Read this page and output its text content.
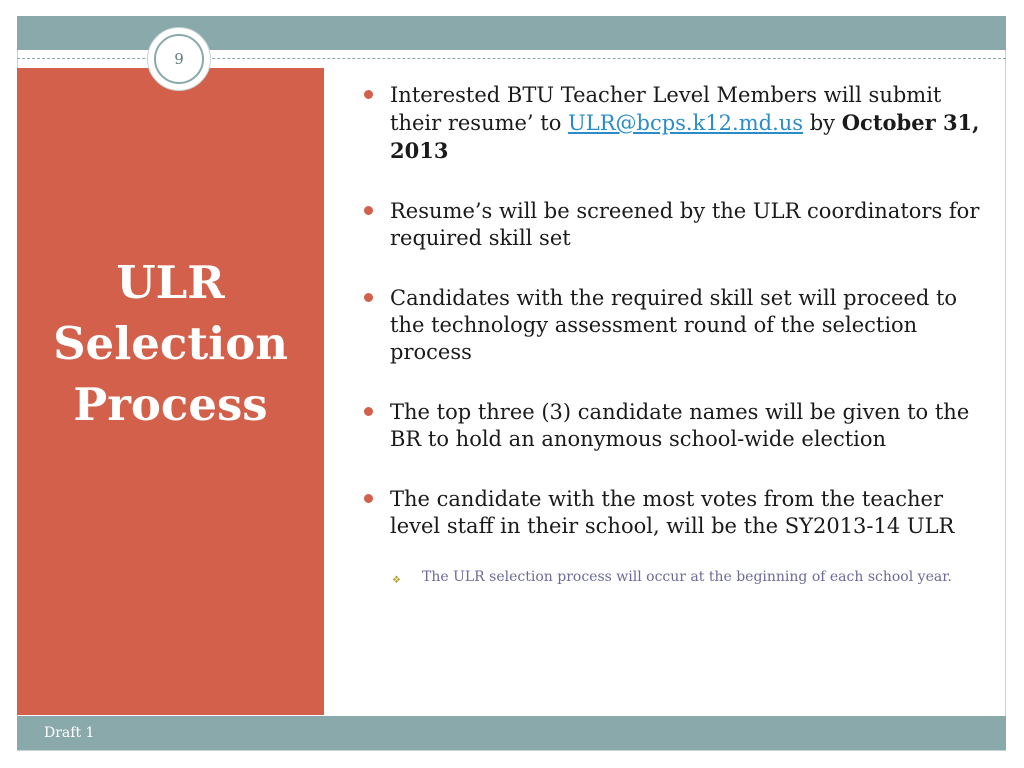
9
ULR
Selection
Process
Interested BTU Teacher Level Members will submit their resume’ to ULR@bcps.k12.md.us by October 31, 2013
Resume’s will be screened by the ULR coordinators for required skill set
Candidates with the required skill set will proceed to the technology assessment round of the selection process
The top three (3) candidate names will be given to the BR to hold an anonymous school-wide election
The candidate with the most votes from the teacher level staff in their school, will be the SY2013-14 ULR
❖ The ULR selection process will occur at the beginning of each school year.
Draft 1
